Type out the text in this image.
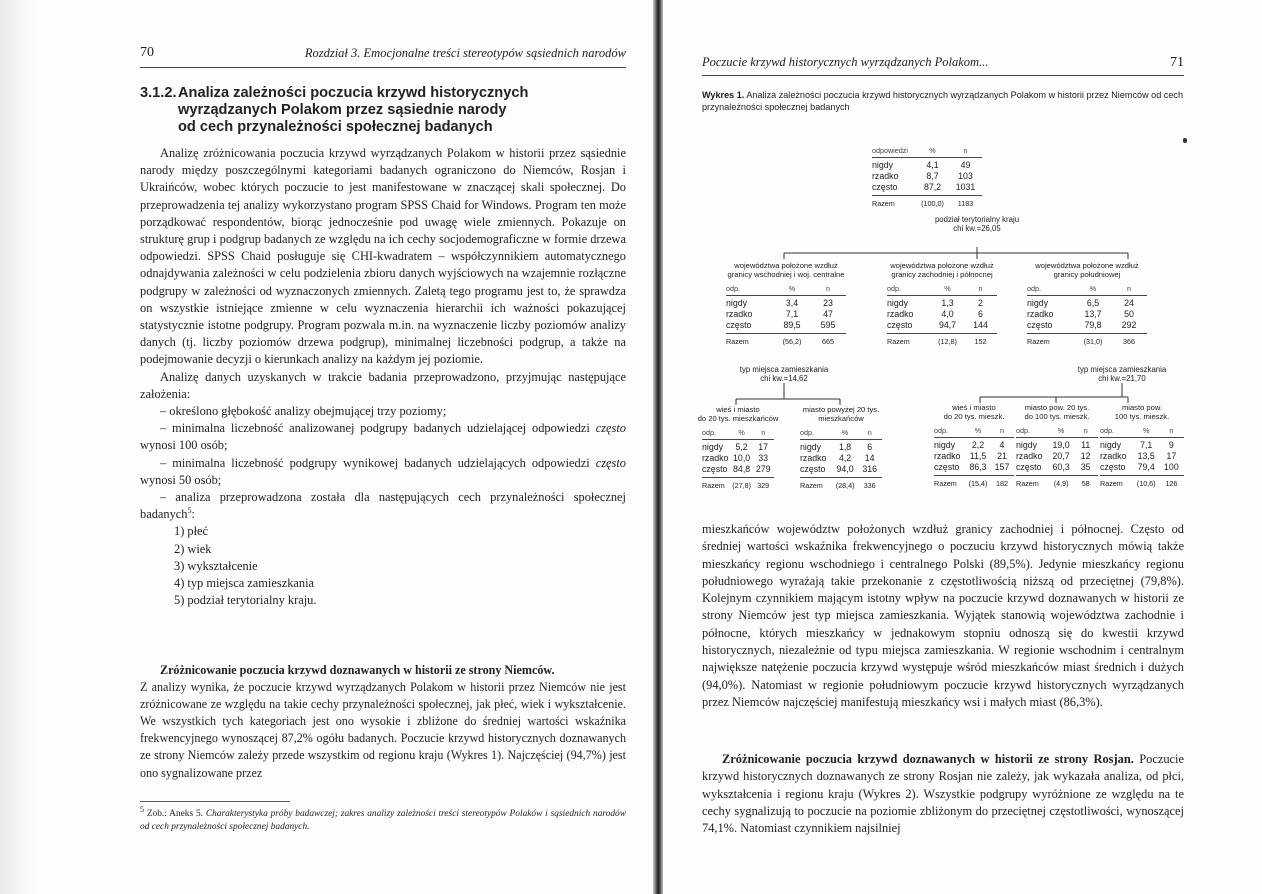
70	Rozdział 3. Emocjonalne treści stereotypów sąsiednich narodów
3.1.2.Analiza zależności poczucia krzywd historycznych
wyrządzanych Polakom przez sąsiednie narody
od cech przynależności społecznej badanych

Analizę zróżnicowania poczucia krzywd wyrządzanych Polakom w historii przez sąsiednie narody między poszczególnymi kategoriami badanych ograniczono do Niemców, Rosjan i Ukraińców, wobec których poczucie to jest manifestowane w znaczącej skali społecznej. Do przeprowadzenia tej analizy wykorzystano program SPSS Chaid for Windows. Program ten może porządkować respondentów, biorąc jednocześnie pod uwagę wiele zmiennych. Pokazuje on strukturę grup i podgrup badanych ze względu na ich cechy socjodemograficzne w formie drzewa odpowiedzi. SPSS Chaid posługuje się CHI-kwadratem – współczynnikiem automatycznego odnajdywania zależności w celu podzielenia zbioru danych wyjściowych na wzajemnie rozłączne podgrupy w zależności od wyznaczonych zmiennych. Zaletą tego programu jest to, że sprawdza on wszystkie istniejące zmienne w celu wyznaczenia hierarchii ich ważności pokazującej statystycznie istotne podgrupy. Program pozwala m.in. na wyznaczenie liczby poziomów analizy danych (tj. liczby poziomów drzewa podgrup), minimalnej liczebności podgrup, a także na podejmowanie decyzji o kierunkach analizy na każdym jej poziomie.

Analizę danych uzyskanych w trakcie badania przeprowadzono, przyjmując następujące założenia:

– określono głębokość analizy obejmującej trzy poziomy;

– minimalna liczebność analizowanej podgrupy badanych udzielającej odpowiedzi często wynosi 100 osób;

– minimalna liczebność podgrupy wynikowej badanych udzielających odpowiedzi często wynosi 50 osób;

– analiza przeprowadzona została dla następujących cech przynależności społecznej badanych$^5$:

1) płeć

2) wiek

3) wykształcenie

4) typ miejsca zamieszkania

5) podział terytorialny kraju.

Zróżnicowanie poczucia krzywd doznawanych w historii ze strony Niemców.

Z analizy wynika, że poczucie krzywd wyrządzanych Polakom w historii przez Niemców nie jest zróżnicowane ze względu na takie cechy przynależności społecznej, jak płeć, wiek i wykształcenie. We wszystkich tych kategoriach jest ono wysokie i zbliżone do średniej wartości wskaźnika frekwencyjnego wynoszącej 87,2% ogółu badanych. Poczucie krzywd historycznych doznawanych ze strony Niemców zależy przede wszystkim od regionu kraju (Wykres 1). Najczęściej (94,7%) jest ono sygnalizowane przez

$^5$ Zob.: Aneks 5. Charakterystyka próby badawczej; zakres analizy zależności treści stereotypów Polaków i sąsiednich narodów od cech przynależności społecznej badanych.
Poczucie krzywd historycznych wyrządzanych Polakom...	71
Wykres 1. Analiza zależności poczucia krzywd historycznych wyrządzanych Polakom w historii przez Niemców od cech przynależności społecznej badanych
odpowiedzi	%	n
nigdy	4,1	49
rzadko	8,7	103
często	87,2	1031
Razem	(100,0)	1183
podział terytorialny kraju
chi kw.=26,05
województwa położone wzdłuż
granicy wschodniej i woj. centralne
odp.	%	n
nigdy	3,4	23
rzadko	7,1	47
często	89,5	595
Razem	(56,2)	665
województwa położone wzdłuż
granicy zachodniej i północnej
odp.	%	n
nigdy	1,3	2
rzadko	4,0	6
często	94,7	144
Razem	(12,8)	152
województwa położone wzdłuż
granicy południowej
odp.	%	n
nigdy	6,5	24
rzadko	13,7	50
często	79,8	292
Razem	(31,0)	366
typ miejsca zamieszkania
chi kw.=14,62
typ miejsca zamieszkania
chi kw.=21,70
wieś i miasto
do 20 tys. mieszkańców
odp.	%	n
nigdy	5,2	17
rzadko 10,0 33
często 84,8 279
Razem	(27,8) 329
miasto powyżej 20 tys.
mieszkańców
odp.	%	n
nigdy	1,8	6
rzadko	4,2	14
często	94,0 316
Razem	(28,4)	336
wieś i miasto
do 20 tys. mieszk.
odp.	%	n
nigdy	2,2	4
rzadko	11,5	21
często	86,3 157
Razem	(15,4)	182
miasto pow. 20 tys.
do 100 tys. mieszk.
odp.	%	n
nigdy	19,0	11
rzadko	20,7	12
często	60,3	35
Razem	(4,9)	58
miasto pow.
100 tys. mieszk.
odp.	%	n
nigdy	7,1	9
rzadko	13,5	17
często	79,4	100
Razem	(10,6)	126
mieszkańców województw położonych wzdłuż granicy zachodniej i północnej. Często od średniej wartości wskaźnika frekwencyjnego o poczuciu krzywd historycznych mówią także mieszkańcy regionu wschodniego i centralnego Polski (89,5%). Jedynie mieszkańcy regionu południowego wyrażają takie przekonanie z częstotliwością niższą od przeciętnej (79,8%). Kolejnym czynnikiem mającym istotny wpływ na poczucie krzywd doznawanych w historii ze strony Niemców jest typ miejsca zamieszkania. Wyjątek stanowią województwa zachodnie i północne, których mieszkańcy w jednakowym stopniu odnoszą się do kwestii krzywd historycznych, niezależnie od typu miejsca zamieszkania. W regionie wschodnim i centralnym największe natężenie poczucia krzywd występuje wśród mieszkańców miast średnich i dużych (94,0%). Natomiast w regionie południowym poczucie krzywd historycznych wyrządzanych przez Niemców najczęściej manifestują mieszkańcy wsi i małych miast (86,3%).

Zróżnicowanie poczucia krzywd doznawanych w historii ze strony Rosjan. Poczucie krzywd historycznych doznawanych ze strony Rosjan nie zależy, jak wykazała analiza, od płci, wykształcenia i regionu kraju (Wykres 2). Wszystkie podgrupy wyróżnione ze względu na te cechy sygnalizują to poczucie na poziomie zbliżonym do przeciętnej częstotliwości, wynoszącej 74,1%. Natomiast czynnikiem najsilniej
